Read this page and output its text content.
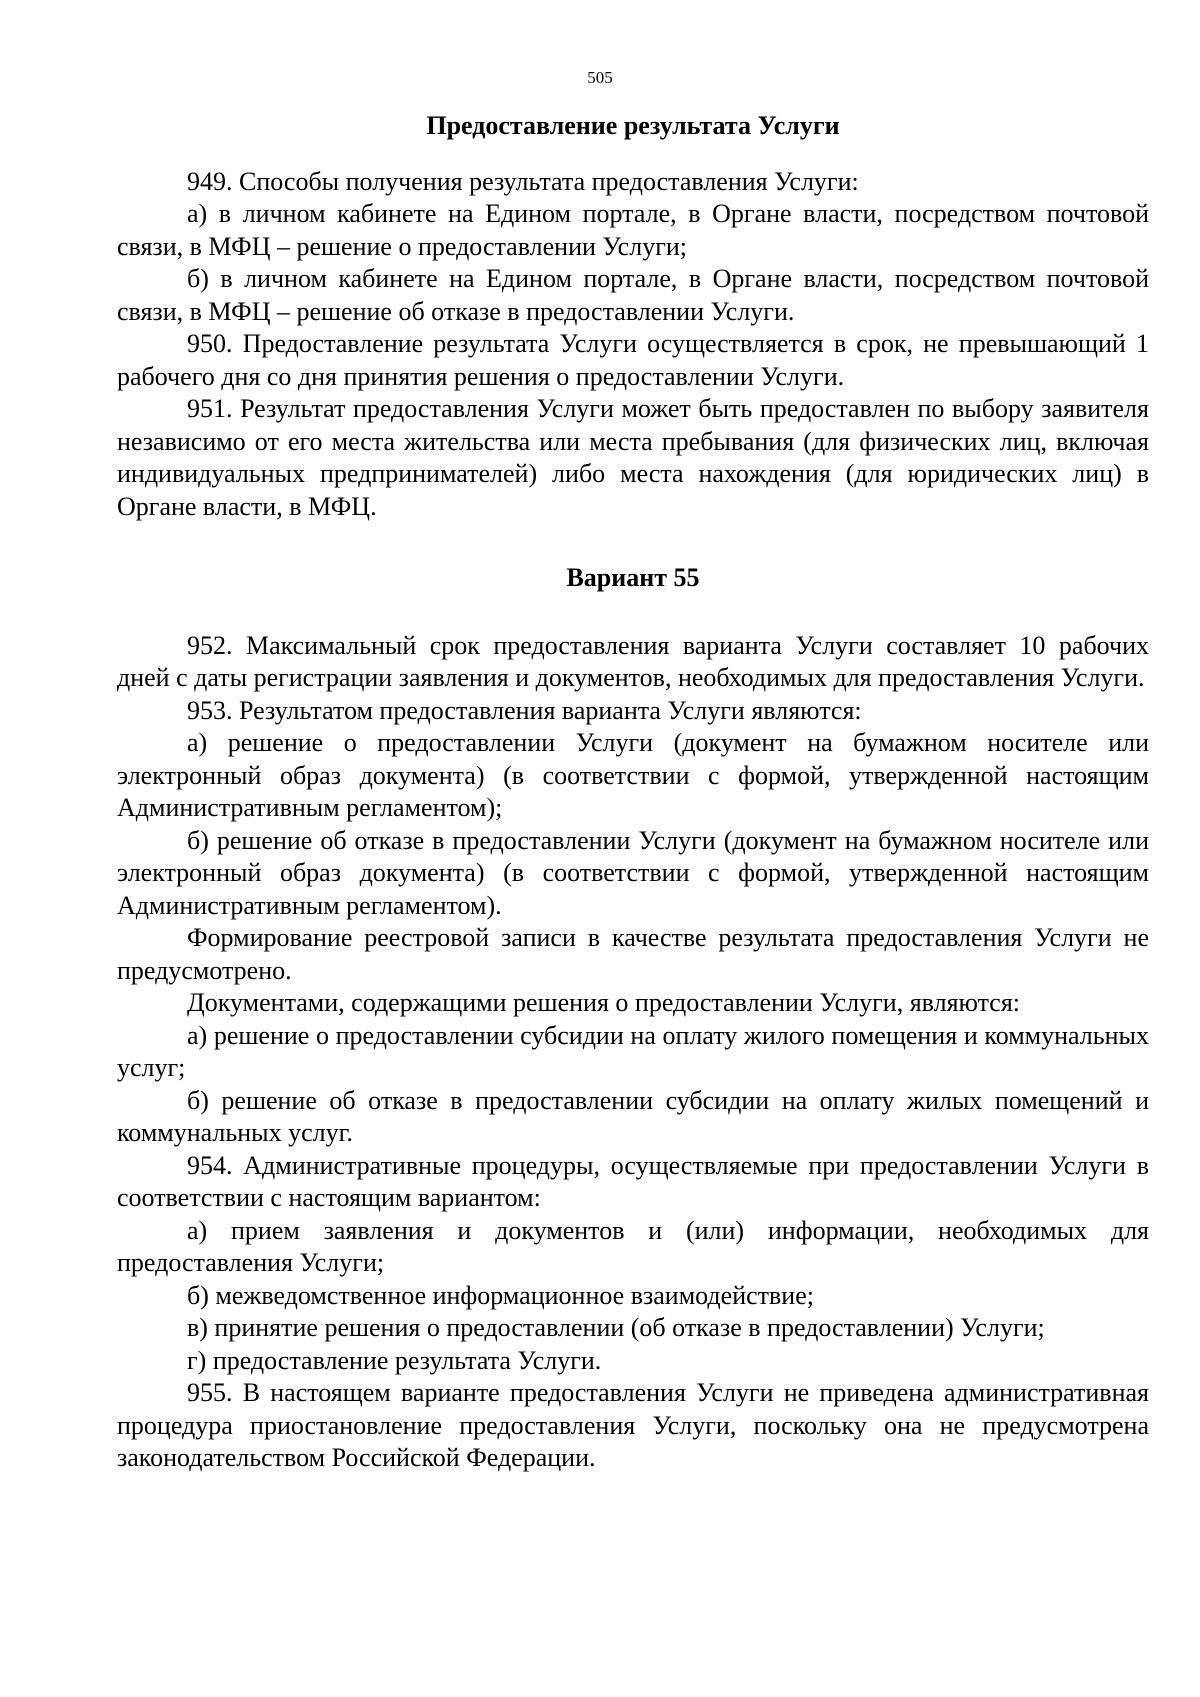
505
Предоставление результата Услуги

949. Способы получения результата предоставления Услуги:

а) в личном кабинете на Едином портале, в Органе власти, посредством почтовой связи, в МФЦ – решение о предоставлении Услуги;

б) в личном кабинете на Едином портале, в Органе власти, посредством почтовой связи, в МФЦ – решение об отказе в предоставлении Услуги.

950. Предоставление результата Услуги осуществляется в срок, не превышающий 1 рабочего дня со дня принятия решения о предоставлении Услуги.

951. Результат предоставления Услуги может быть предоставлен по выбору заявителя независимо от его места жительства или места пребывания (для физических лиц, включая индивидуальных предпринимателей) либо места нахождения (для юридических лиц) в Органе власти, в МФЦ.

Вариант 55

952. Максимальный срок предоставления варианта Услуги составляет 10 рабочих дней с даты регистрации заявления и документов, необходимых для предоставления Услуги.

953. Результатом предоставления варианта Услуги являются:

а) решение о предоставлении Услуги (документ на бумажном носителе или электронный образ документа) (в соответствии с формой, утвержденной настоящим Административным регламентом);

б) решение об отказе в предоставлении Услуги (документ на бумажном носителе или электронный образ документа) (в соответствии с формой, утвержденной настоящим Административным регламентом).

Формирование реестровой записи в качестве результата предоставления Услуги не предусмотрено.

Документами, содержащими решения о предоставлении Услуги, являются:

а) решение о предоставлении субсидии на оплату жилого помещения и коммунальных услуг;

б) решение об отказе в предоставлении субсидии на оплату жилых помещений и коммунальных услуг.

954. Административные процедуры, осуществляемые при предоставлении Услуги в соответствии с настоящим вариантом:

а) прием заявления и документов и (или) информации, необходимых для предоставления Услуги;

б) межведомственное информационное взаимодействие;

в) принятие решения о предоставлении (об отказе в предоставлении) Услуги;

г) предоставление результата Услуги.

955. В настоящем варианте предоставления Услуги не приведена административная процедура приостановление предоставления Услуги, поскольку она не предусмотрена законодательством Российской Федерации.
